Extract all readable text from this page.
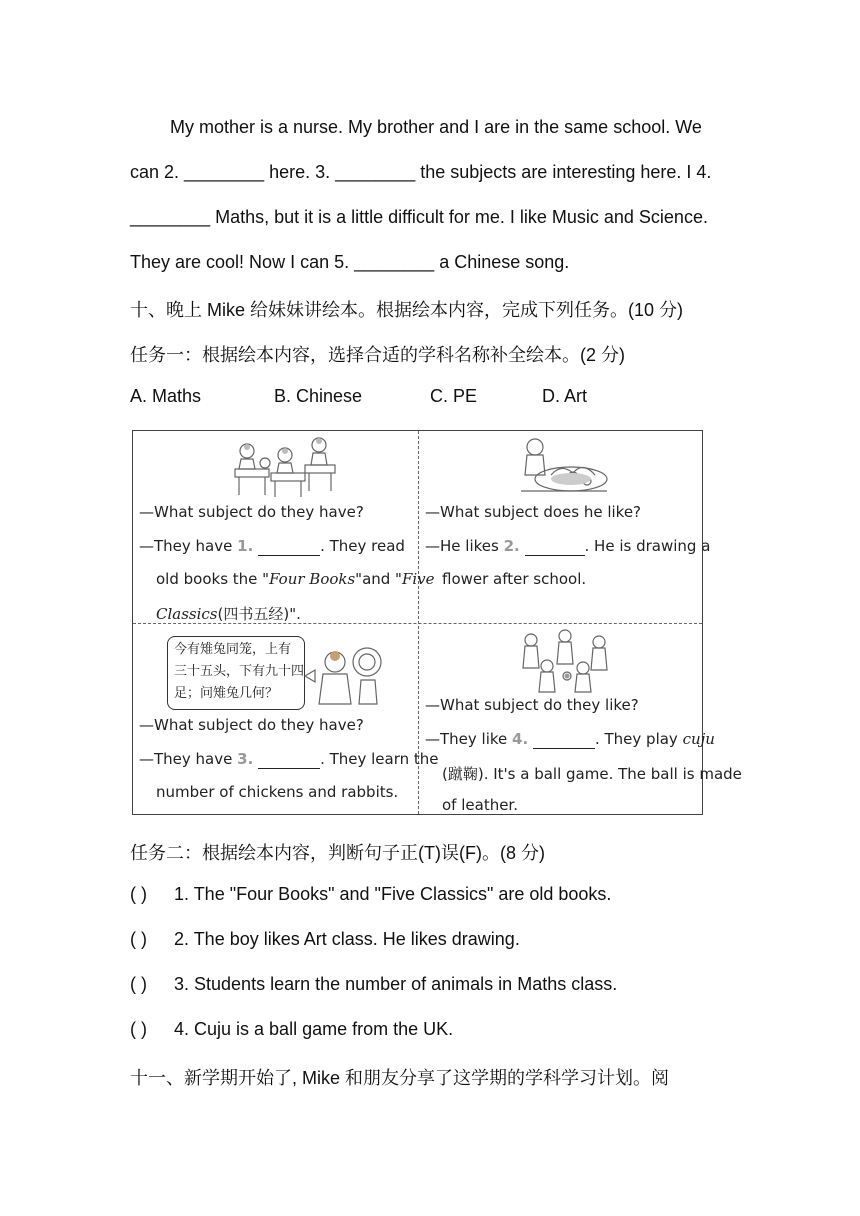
My mother is a nurse. My brother and I are in the same school. We
can 2. ________ here. 3. ________ the subjects are interesting here. I 4.
________ Maths, but it is a little difficult for me. I like Music and Science.
They are cool! Now I can 5. ________ a Chinese song.
十、晚上 Mike 给妹妹讲绘本。根据绘本内容，完成下列任务。(10 分)
任务一：根据绘本内容，选择合适的学科名称补全绘本。(2 分)
A. Maths	B. Chinese	C. PE	D. Art
—What subject do they have?
—They have 1.	. They read
old books the "Four Books"and "Five
Classics(四书五经)".
—What subject does he like?
—He likes 2.	. He is drawing a
flower after school.
今有雉兔同笼，上有
三十五头，下有九十四
足；问雉兔几何？
—What subject do they have?
—They have 3.	. They learn the
number of chickens and rabbits.
—What subject do they like?
—They like 4.	. They play cuju
(蹴鞠). It's a ball game. The ball is made
of leather.
任务二：根据绘本内容，判断句子正(T)误(F)。(8 分)
( ) 1. The "Four Books" and "Five Classics" are old books.
( ) 2. The boy likes Art class. He likes drawing.
( ) 3. Students learn the number of animals in Maths class.
( ) 4. Cuju is a ball game from the UK.
十一、新学期开始了, Mike 和朋友分享了这学期的学科学习计划。阅
